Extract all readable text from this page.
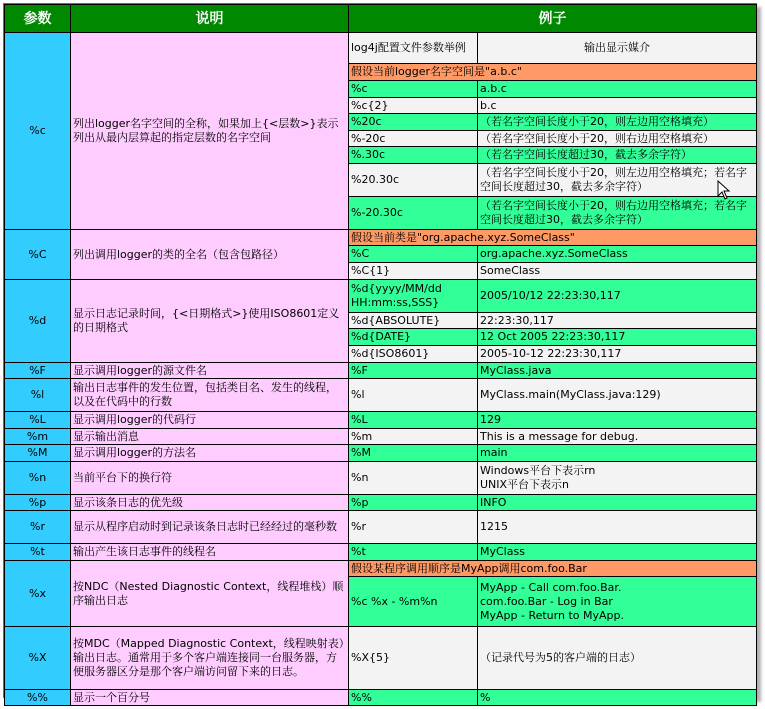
参数	说明	例子	
%c	列出logger名字空间的全称，如果加上{<层数>}表示列出从最内层算起的指定层数的名字空间	log4j配置文件参数举例	输出显示媒介
		假设当前logger名字空间是"a.b.c"	
		%c	a.b.c
		%c{2}	b.c
		%20c	（若名字空间长度小于20，则左边用空格填充）
		%-20c	（若名字空间长度小于20，则右边用空格填充）
		%.30c	（若名字空间长度超过30，截去多余字符）
		%20.30c	（若名字空间长度小于20，则左边用空格填充；若名字空间长度超过30，截去多余字符）
		%-20.30c	（若名字空间长度小于20，则右边用空格填充；若名字空间长度超过30，截去多余字符）
%C	列出调用logger的类的全名（包含包路径）	假设当前类是"org.apache.xyz.SomeClass"	
		%C	org.apache.xyz.SomeClass
		%C{1}	SomeClass
%d	显示日志记录时间，{<日期格式>}使用ISO8601定义的日期格式	%d{yyyy/MM/dd HH:mm:ss,SSS}	2005/10/12 22:23:30,117
		%d{ABSOLUTE}	22:23:30,117
		%d{DATE}	12 Oct 2005 22:23:30,117
		%d{ISO8601}	2005-10-12 22:23:30,117
%F	显示调用logger的源文件名	%F	MyClass.java
%l	输出日志事件的发生位置，包括类目名、发生的线程，以及在代码中的行数	%l	MyClass.main(MyClass.java:129)
%L	显示调用logger的代码行	%L	129
%m	显示输出消息	%m	This is a message for debug.
%M	显示调用logger的方法名	%M	main
%n	当前平台下的换行符	%n	Windows平台下表示rn
UNIX平台下表示n
%p	显示该条日志的优先级	%p	INFO
%r	显示从程序启动时到记录该条日志时已经经过的毫秒数	%r	1215
%t	输出产生该日志事件的线程名	%t	MyClass
%x	按NDC（Nested Diagnostic Context，线程堆栈）顺序输出日志	假设某程序调用顺序是MyApp调用com.foo.Bar	
		%c %x - %m%n	MyApp - Call com.foo.Bar.
com.foo.Bar - Log in Bar
MyApp - Return to MyApp.
%X	按MDC（Mapped Diagnostic Context，线程映射表）输出日志。通常用于多个客户端连接同一台服务器，方便服务器区分是那个客户端访问留下来的日志。	%X{5}	（记录代号为5的客户端的日志）
%%	显示一个百分号	%%	%
